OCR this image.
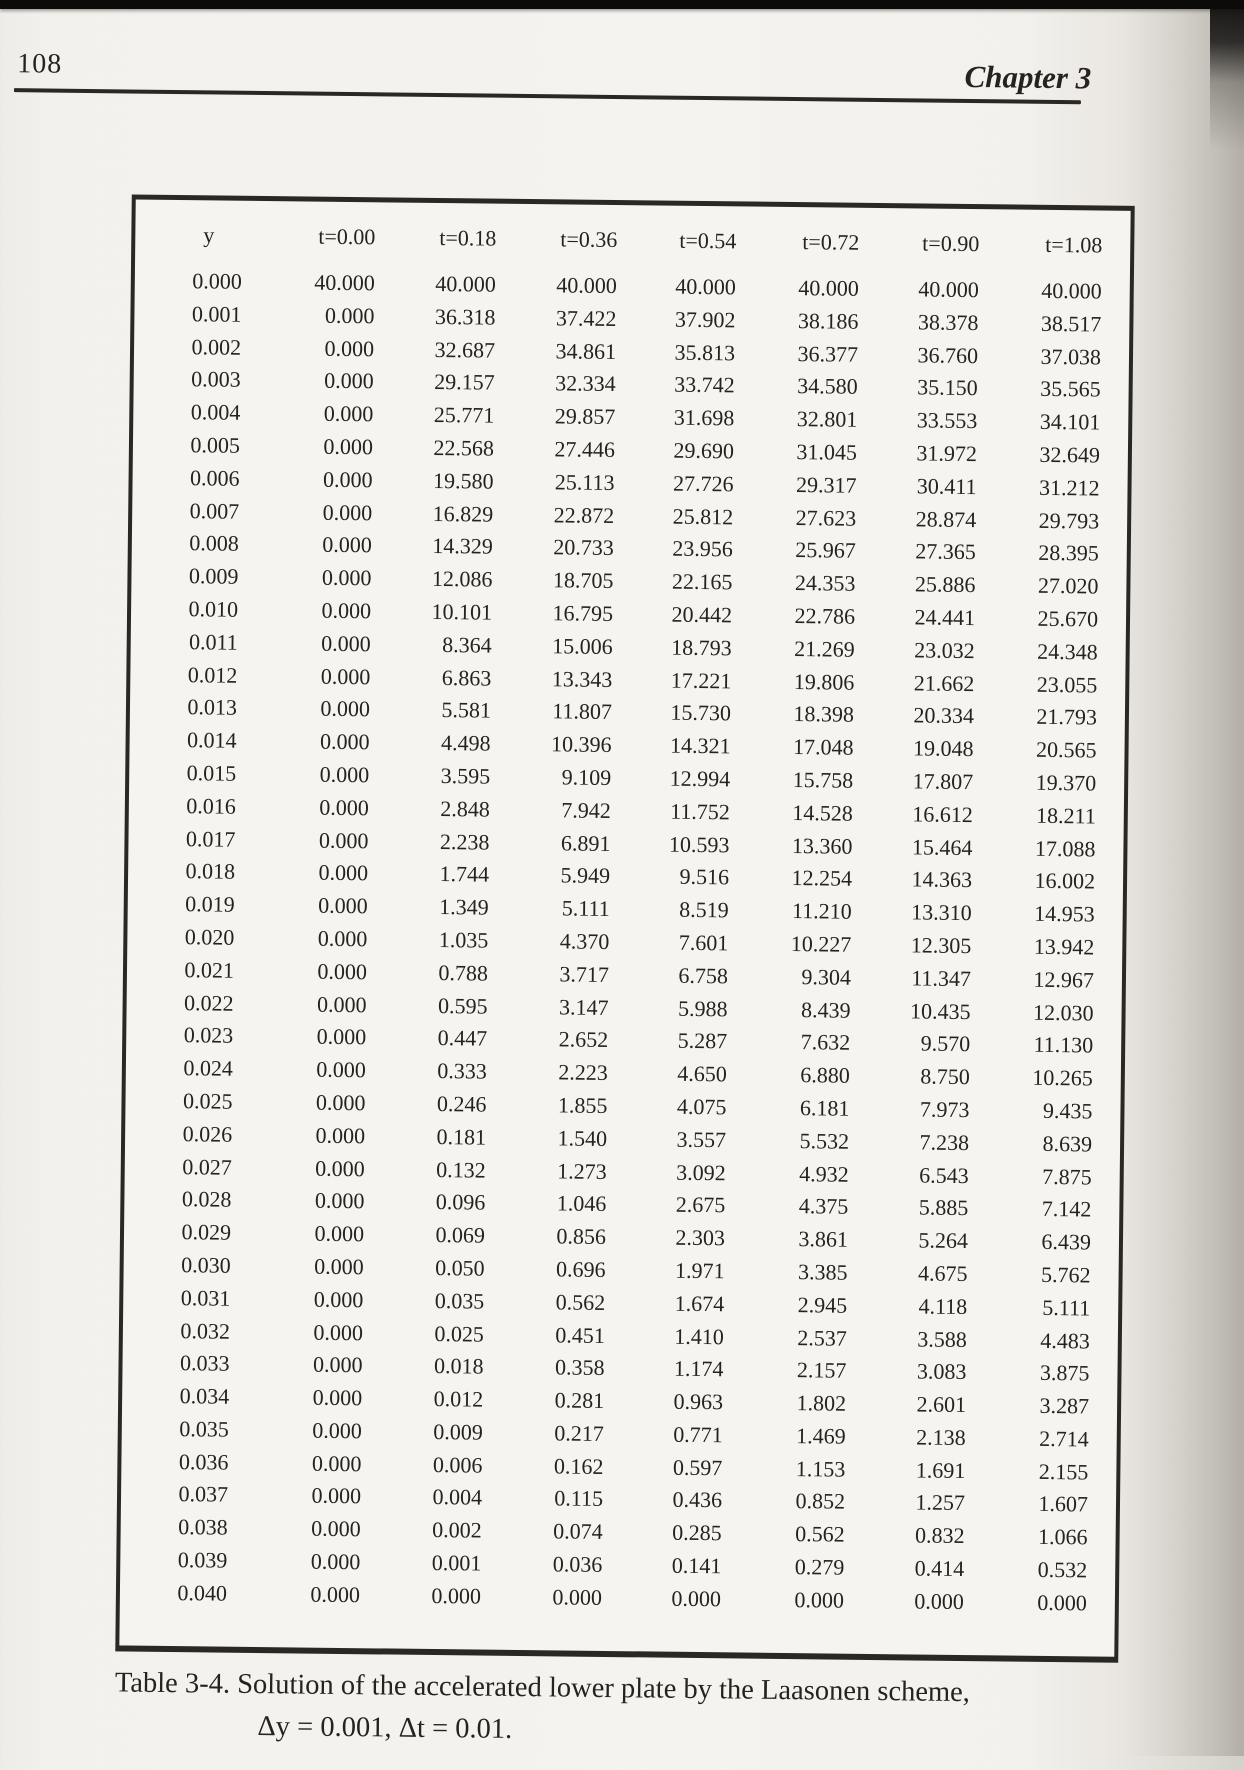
108	Chapter 3
y	t=0.00	t=0.18	t=0.36	t=0.54	t=0.72	t=0.90	t=1.08
0.000	40.000	40.000	40.000	40.000	40.000	40.000	40.000
0.001	0.000	36.318	37.422	37.902	38.186	38.378	38.517
0.002	0.000	32.687	34.861	35.813	36.377	36.760	37.038
0.003	0.000	29.157	32.334	33.742	34.580	35.150	35.565
0.004	0.000	25.771	29.857	31.698	32.801	33.553	34.101
0.005	0.000	22.568	27.446	29.690	31.045	31.972	32.649
0.006	0.000	19.580	25.113	27.726	29.317	30.411	31.212
0.007	0.000	16.829	22.872	25.812	27.623	28.874	29.793
0.008	0.000	14.329	20.733	23.956	25.967	27.365	28.395
0.009	0.000	12.086	18.705	22.165	24.353	25.886	27.020
0.010	0.000	10.101	16.795	20.442	22.786	24.441	25.670
0.011	0.000	8.364	15.006	18.793	21.269	23.032	24.348
0.012	0.000	6.863	13.343	17.221	19.806	21.662	23.055
0.013	0.000	5.581	11.807	15.730	18.398	20.334	21.793
0.014	0.000	4.498	10.396	14.321	17.048	19.048	20.565
0.015	0.000	3.595	9.109	12.994	15.758	17.807	19.370
0.016	0.000	2.848	7.942	11.752	14.528	16.612	18.211
0.017	0.000	2.238	6.891	10.593	13.360	15.464	17.088
0.018	0.000	1.744	5.949	9.516	12.254	14.363	16.002
0.019	0.000	1.349	5.111	8.519	11.210	13.310	14.953
0.020	0.000	1.035	4.370	7.601	10.227	12.305	13.942
0.021	0.000	0.788	3.717	6.758	9.304	11.347	12.967
0.022	0.000	0.595	3.147	5.988	8.439	10.435	12.030
0.023	0.000	0.447	2.652	5.287	7.632	9.570	11.130
0.024	0.000	0.333	2.223	4.650	6.880	8.750	10.265
0.025	0.000	0.246	1.855	4.075	6.181	7.973	9.435
0.026	0.000	0.181	1.540	3.557	5.532	7.238	8.639
0.027	0.000	0.132	1.273	3.092	4.932	6.543	7.875
0.028	0.000	0.096	1.046	2.675	4.375	5.885	7.142
0.029	0.000	0.069	0.856	2.303	3.861	5.264	6.439
0.030	0.000	0.050	0.696	1.971	3.385	4.675	5.762
0.031	0.000	0.035	0.562	1.674	2.945	4.118	5.111
0.032	0.000	0.025	0.451	1.410	2.537	3.588	4.483
0.033	0.000	0.018	0.358	1.174	2.157	3.083	3.875
0.034	0.000	0.012	0.281	0.963	1.802	2.601	3.287
0.035	0.000	0.009	0.217	0.771	1.469	2.138	2.714
0.036	0.000	0.006	0.162	0.597	1.153	1.691	2.155
0.037	0.000	0.004	0.115	0.436	0.852	1.257	1.607
0.038	0.000	0.002	0.074	0.285	0.562	0.832	1.066
0.039	0.000	0.001	0.036	0.141	0.279	0.414	0.532
0.040	0.000	0.000	0.000	0.000	0.000	0.000	0.000
Table 3-4. Solution of the accelerated lower plate by the Laasonen scheme,
Δy = 0.001, Δt = 0.01.
